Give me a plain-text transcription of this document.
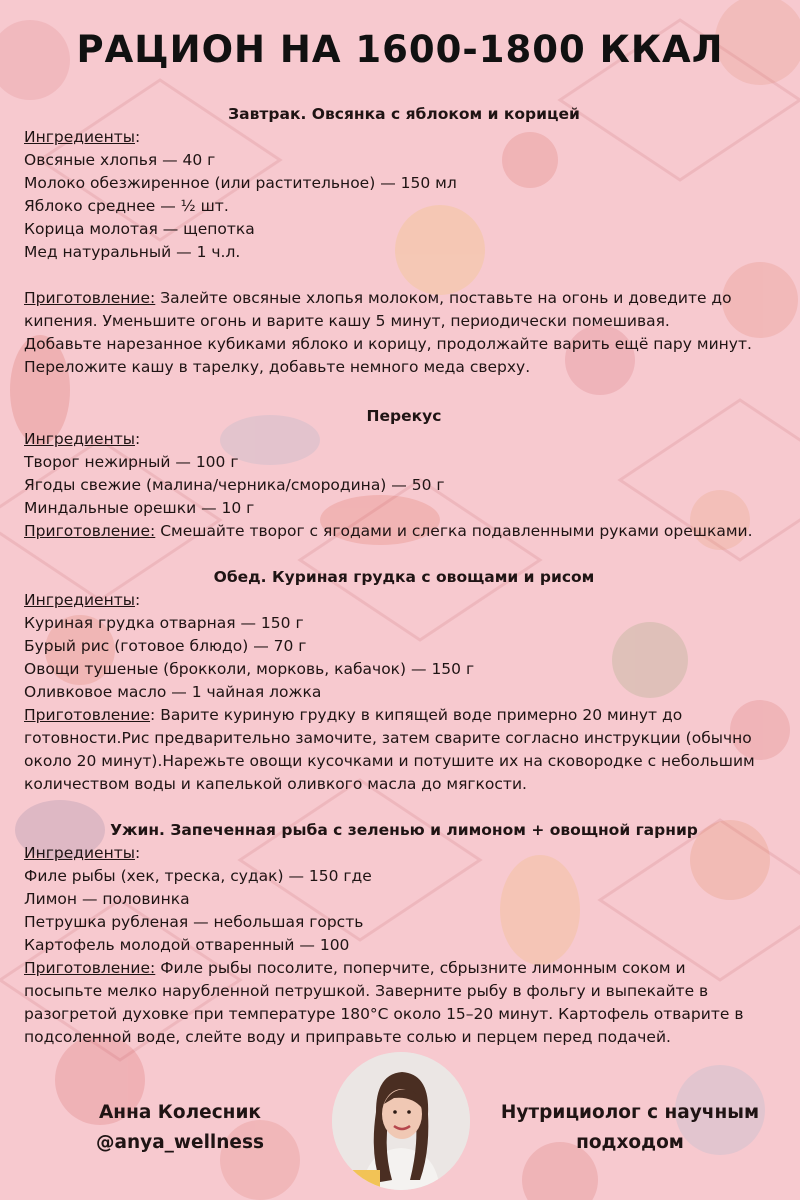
РАЦИОН НА 1600-1800 ККАЛ
Завтрак. Овсянка с яблоком и корицей
Ингредиенты:
Овсяные хлопья — 40 г
Молоко обезжиренное (или растительное) — 150 мл
Яблоко среднее — ½ шт.
Корица молотая — щепотка
Мед натуральный — 1 ч.л.
Приготовление: Залейте овсяные хлопья молоком, поставьте на огонь и доведите до
кипения. Уменьшите огонь и варите кашу 5 минут, периодически помешивая.
Добавьте нарезанное кубиками яблоко и корицу, продолжайте варить ещё пару минут.
Переложите кашу в тарелку, добавьте немного меда сверху.
Перекус
Ингредиенты:
Творог нежирный — 100 г
Ягоды свежие (малина/черника/смородина) — 50 г
Миндальные орешки — 10 г
Приготовление: Смешайте творог с ягодами и слегка подавленными руками орешками.
Обед. Куриная грудка с овощами и рисом
Ингредиенты:
Куриная грудка отварная — 150 г
Бурый рис (готовое блюдо) — 70 г
Овощи тушеные (брокколи, морковь, кабачок) — 150 г
Оливковое масло — 1 чайная ложка
Приготовление: Варите куриную грудку в кипящей воде примерно 20 минут до
готовности.Рис предварительно замочите, затем сварите согласно инструкции (обычно
около 20 минут).Нарежьте овощи кусочками и потушите их на сковородке с небольшим
количеством воды и капелькой оливкого масла до мягкости.
Ужин. Запеченная рыба с зеленью и лимоном + овощной гарнир
Ингредиенты:
Филе рыбы (хек, треска, судак) — 150 где
Лимон — половинка
Петрушка рубленая — небольшая горсть
Картофель молодой отваренный — 100
Приготовление: Филе рыбы посолите, поперчите, сбрызните лимонным соком и
посыпьте мелко нарубленной петрушкой. Заверните рыбу в фольгу и выпекайте в
разогретой духовке при температуре 180°С около 15–20 минут. Картофель отварите в
подсоленной воде, слейте воду и приправьте солью и перцем перед подачей.
Анна Колесник
@anya_wellness
Нутрициолог с научным
подходом
